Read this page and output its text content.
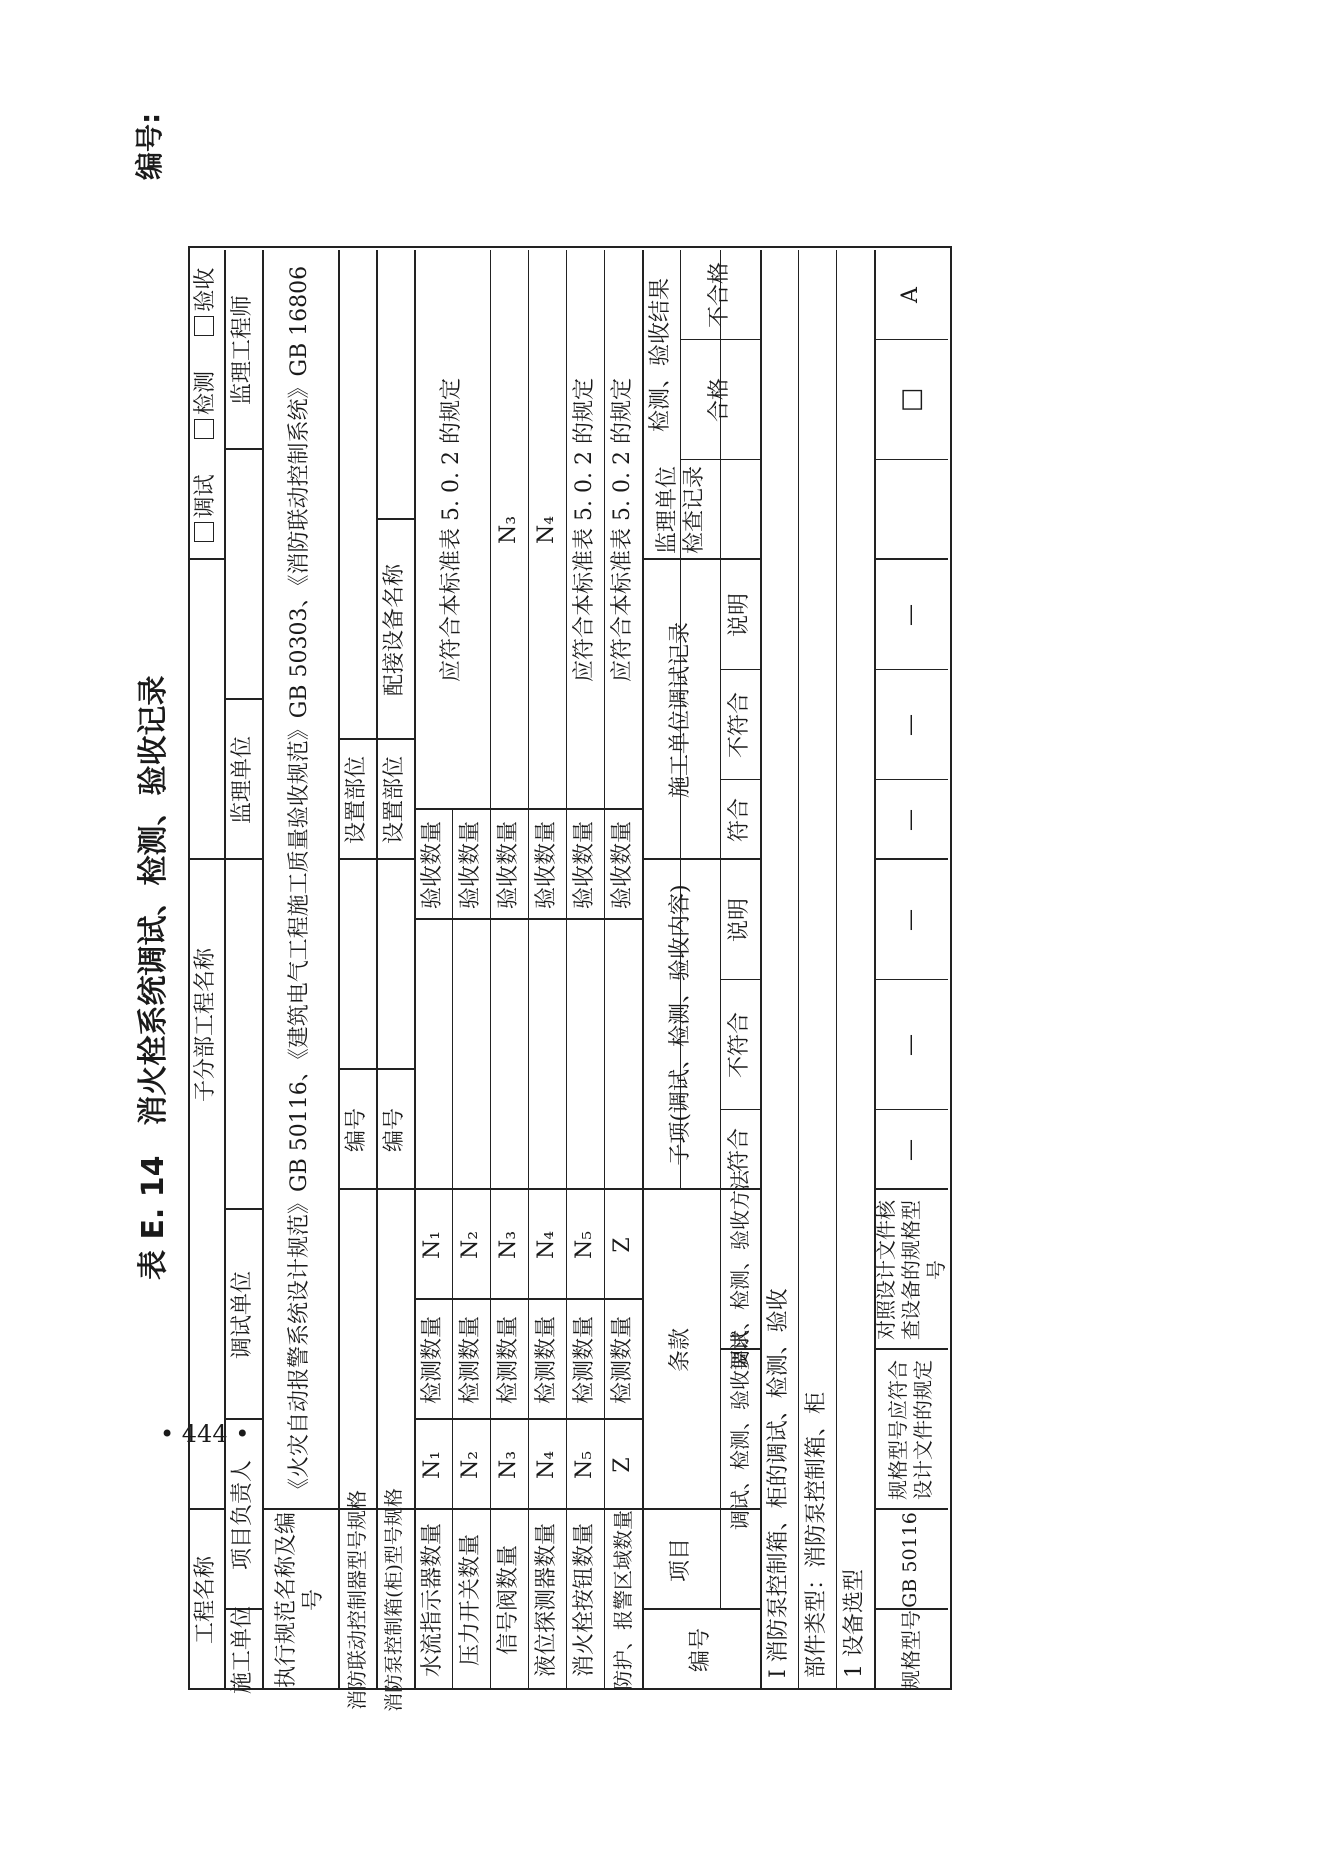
• 444 •
表 E. 14　消火栓系统调试、检测、验收记录
编号:
工程名称
子分部工程名称
调试
检测
验收
施工单位
项目负责人
调试单位
监理单位
监理工程师
执行规范名称及编号
《火灾自动报警系统设计规范》GB 50116、《建筑电气工程施工质量验收规范》GB 50303、《消防联动控制系统》GB 16806
消防联动控制器型号规格
编号
设置部位
消防泵控制箱(柜)型号规格
编号
设置部位
配接设备名称
水流指示器数量
N₁
检测数量
N₁
验收数量
压力开关数量
N₂
检测数量
N₂
验收数量
信号阀数量
N₃
检测数量
N₃
验收数量
N₃
液位探测器数量
N₄
检测数量
N₄
验收数量
N₄
消火栓按钮数量
N₅
检测数量
N₅
验收数量
应符合本标准表 5. 0. 2 的规定
防护、报警区域数量
Z
检测数量
Z
验收数量
应符合本标准表 5. 0. 2 的规定
应符合本标准表 5. 0. 2 的规定
编号
项目
条款
子项(调试、检测、验收内容)
施工单位调试记录
监理单位检查记录
检测、验收结果
调试、检测、验收要求
调试、检测、验收方法
符合
不符合
说明
符合
不符合
说明
合格
不合格
Ⅰ 消防泵控制箱、柜的调试、检测、验收 部件类型：消防泵控制箱、柜 1 设备选型	规格型号
GB 50116
规格型号应符合设计文件的规定
对照设计文件核查设备的规格型号
—
—
—
—
—
—
□
A
